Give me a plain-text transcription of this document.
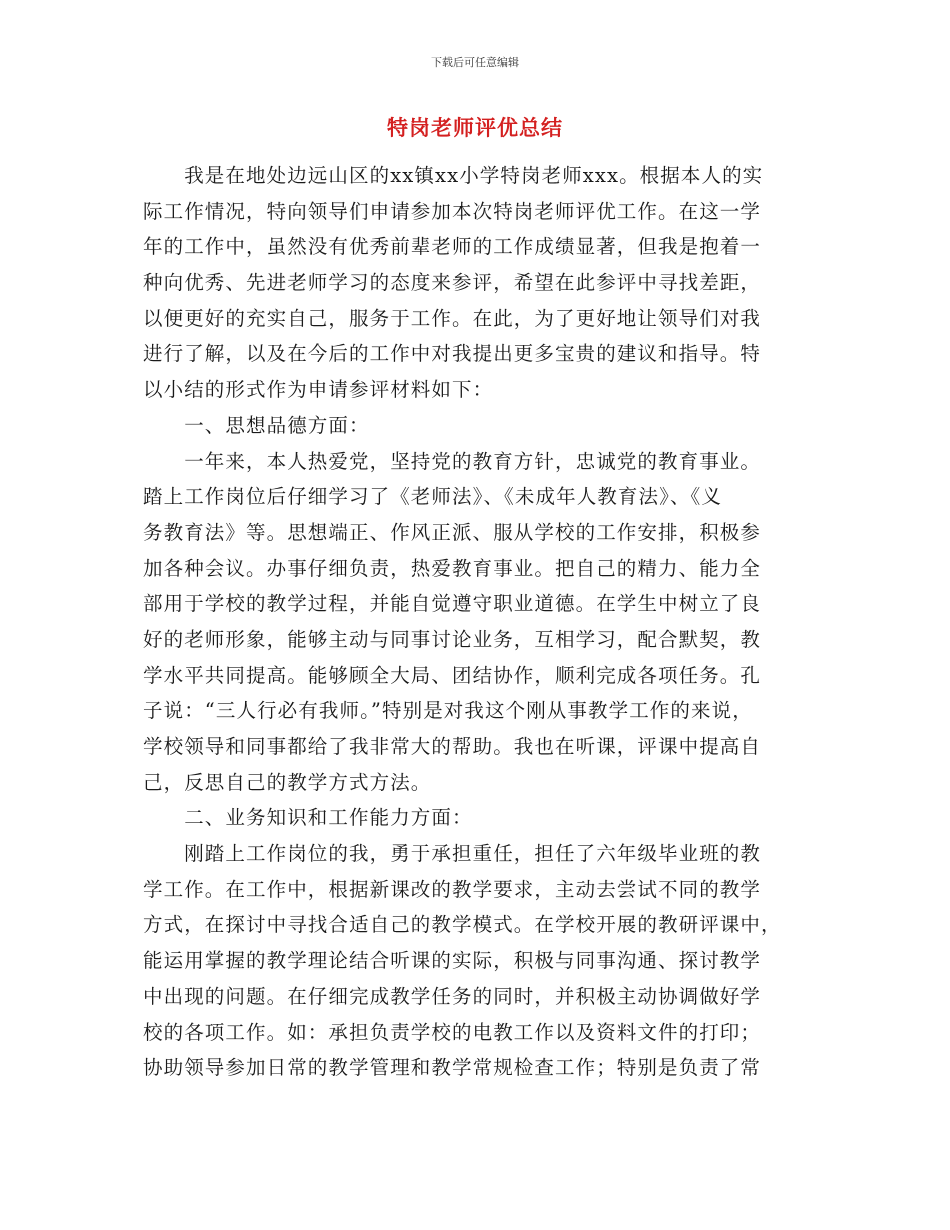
下载后可任意编辑
特岗老师评优总结
　　我是在地处边远山区的xx镇xx小学特岗老师xxx。根据本人的实
际工作情况，特向领导们申请参加本次特岗老师评优工作。在这一学
年的工作中，虽然没有优秀前辈老师的工作成绩显著，但我是抱着一
种向优秀、先进老师学习的态度来参评，希望在此参评中寻找差距，
以便更好的充实自己，服务于工作。在此，为了更好地让领导们对我
进行了解，以及在今后的工作中对我提出更多宝贵的建议和指导。特
以小结的形式作为申请参评材料如下：
　　一、思想品德方面：
　　一年来，本人热爱党，坚持党的教育方针，忠诚党的教育事业。
踏上工作岗位后仔细学习了《老师法》、《未成年人教育法》、《义
务教育法》等。思想端正、作风正派、服从学校的工作安排，积极参
加各种会议。办事仔细负责，热爱教育事业。把自己的精力、能力全
部用于学校的教学过程，并能自觉遵守职业道德。在学生中树立了良
好的老师形象，能够主动与同事讨论业务，互相学习，配合默契，教
学水平共同提高。能够顾全大局、团结协作，顺利完成各项任务。孔
子说：“三人行必有我师。”特别是对我这个刚从事教学工作的来说，
学校领导和同事都给了我非常大的帮助。我也在听课，评课中提高自
己，反思自己的教学方式方法。
　　二、业务知识和工作能力方面：
　　刚踏上工作岗位的我，勇于承担重任，担任了六年级毕业班的教
学工作。在工作中，根据新课改的教学要求，主动去尝试不同的教学
方式，在探讨中寻找合适自己的教学模式。在学校开展的教研评课中，
能运用掌握的教学理论结合听课的实际，积极与同事沟通、探讨教学
中出现的问题。在仔细完成教学任务的同时，并积极主动协调做好学
校的各项工作。如：承担负责学校的电教工作以及资料文件的打印；
协助领导参加日常的教学管理和教学常规检查工作；特别是负责了常
